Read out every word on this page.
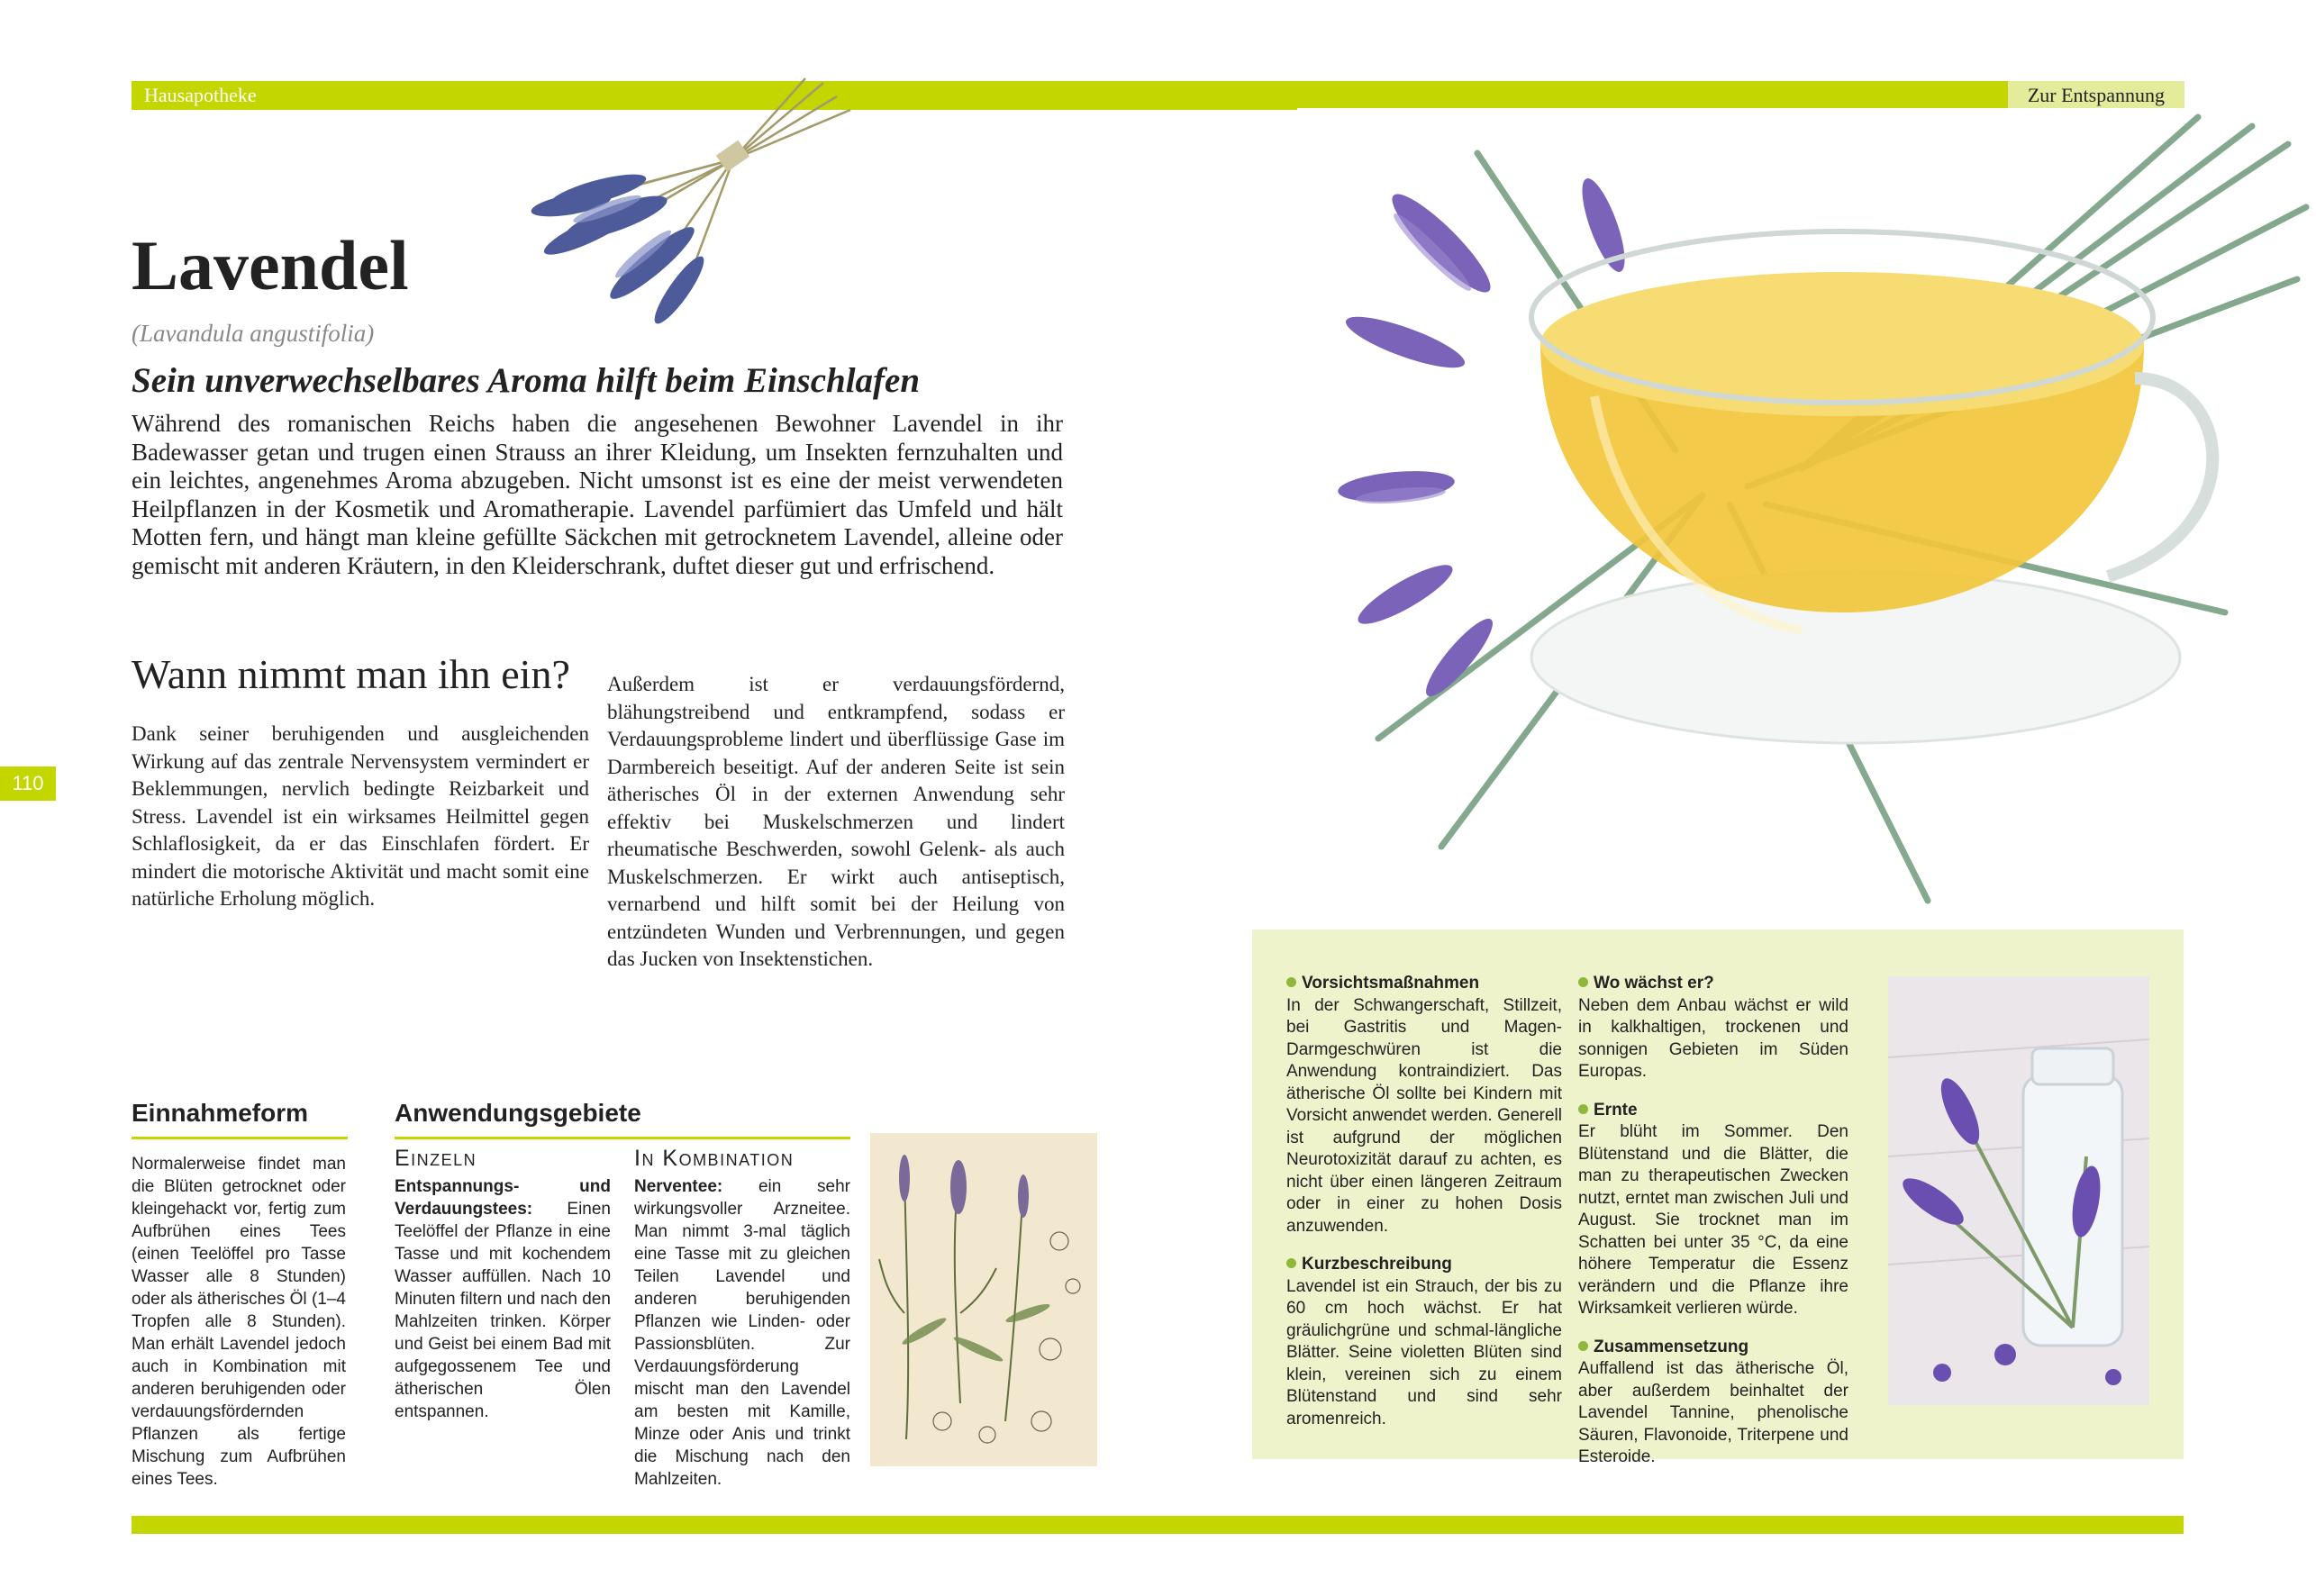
Hausapotheke	Zur Entspannung
110
Lavendel
(Lavandula angustifolia)
Sein unverwechselbares Aroma hilft beim Einschlafen
Während des romanischen Reichs haben die angesehenen Bewohner Lavendel in ihr Badewasser getan und trugen einen Strauss an ihrer Kleidung, um Insekten fernzuhalten und ein leichtes, angenehmes Aroma abzugeben. Nicht umsonst ist es eine der meist verwendeten Heilpflanzen in der Kosmetik und Aromatherapie. Lavendel parfümiert das Umfeld und hält Motten fern, und hängt man kleine gefüllte Säckchen mit getrocknetem Lavendel, alleine oder gemischt mit anderen Kräutern, in den Kleiderschrank, duftet dieser gut und erfrischend.
Wann nimmt man ihn ein?
Dank seiner beruhigenden und ausgleichenden Wirkung auf das zentrale Nervensystem vermindert er Beklemmungen, nervlich bedingte Reizbarkeit und Stress. Lavendel ist ein wirksames Heilmittel gegen Schlaflosigkeit, da er das Einschlafen fördert. Er mindert die motorische Aktivität und macht somit eine natürliche Erholung möglich.
Außerdem ist er verdauungsfördernd, blähungstreibend und entkrampfend, sodass er Verdauungsprobleme lindert und überflüssige Gase im Darmbereich beseitigt. Auf der anderen Seite ist sein ätherisches Öl in der externen Anwendung sehr effektiv bei Muskelschmerzen und lindert rheumatische Beschwerden, sowohl Gelenk- als auch Muskelschmerzen. Er wirkt auch antiseptisch, vernarbend und hilft somit bei der Heilung von entzündeten Wunden und Verbrennungen, und gegen das Jucken von Insektenstichen.
Einnahmeform
Normalerweise findet man die Blüten getrocknet oder kleingehackt vor, fertig zum Aufbrühen eines Tees (einen Teelöffel pro Tasse Wasser alle 8 Stunden) oder als ätherisches Öl (1–4 Tropfen alle 8 Stunden). Man erhält Lavendel jedoch auch in Kombination mit anderen beruhigenden oder verdauungsfördernden Pflanzen als fertige Mischung zum Aufbrühen eines Tees.
Anwendungsgebiete
Einzeln	In Kombination
Entspannungs- und Verdauungstees: Einen Teelöffel der Pflanze in eine Tasse und mit kochendem Wasser auffüllen. Nach 10 Minuten filtern und nach den Mahlzeiten trinken. Körper und Geist bei einem Bad mit aufgegossenem Tee und ätherischen Ölen entspannen.
Nerventee: ein sehr wirkungsvoller Arzneitee. Man nimmt 3-mal täglich eine Tasse mit zu gleichen Teilen Lavendel und anderen beruhigenden Pflanzen wie Linden- oder Passionsblüten. Zur Verdauungsförderung mischt man den Lavendel am besten mit Kamille, Minze oder Anis und trinkt die Mischung nach den Mahlzeiten.
Vorsichtsmaßnahmen
In der Schwangerschaft, Stillzeit, bei Gastritis und Magen-Darmgeschwüren ist die Anwendung kontraindiziert. Das ätherische Öl sollte bei Kindern mit Vorsicht anwendet werden. Generell ist aufgrund der möglichen Neurotoxizität darauf zu achten, es nicht über einen längeren Zeitraum oder in einer zu hohen Dosis anzuwenden.
Kurzbeschreibung
Lavendel ist ein Strauch, der bis zu 60 cm hoch wächst. Er hat gräulichgrüne und schmal-längliche Blätter. Seine violetten Blüten sind klein, vereinen sich zu einem Blütenstand und sind sehr aromenreich.
Wo wächst er?
Neben dem Anbau wächst er wild in kalkhaltigen, trockenen und sonnigen Gebieten im Süden Europas.
Ernte
Er blüht im Sommer. Den Blütenstand und die Blätter, die man zu therapeutischen Zwecken nutzt, erntet man zwischen Juli und August. Sie trocknet man im Schatten bei unter 35 °C, da eine höhere Temperatur die Essenz verändern und die Pflanze ihre Wirksamkeit verlieren würde.
Zusammensetzung
Auffallend ist das ätherische Öl, aber außerdem beinhaltet der Lavendel Tannine, phenolische Säuren, Flavonoide, Triterpene und Esteroide.
